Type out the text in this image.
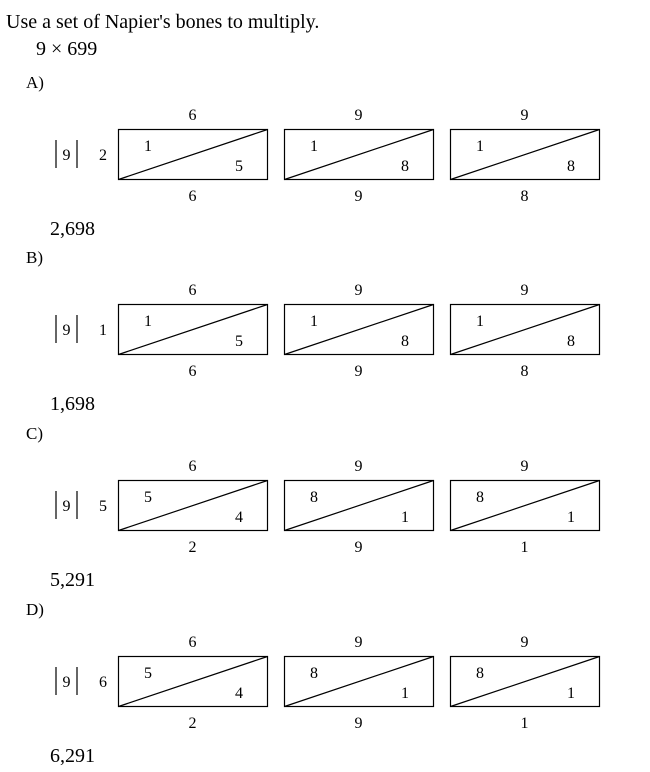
Use a set of Napier's bones to multiply.
9 × 699
A)
9 2
6
1
5
6
9
1
8
9
9
1
8
8
2,698
B)
9 1
6
1
5
6
9
1
8
9
9
1
8
8
1,698
C)
9 5
6
5
4
2
9
8
1
9
9
8
1
1
5,291
D)
9 6
6
5
4
2
9
8
1
9
9
8
1
1
6,291
